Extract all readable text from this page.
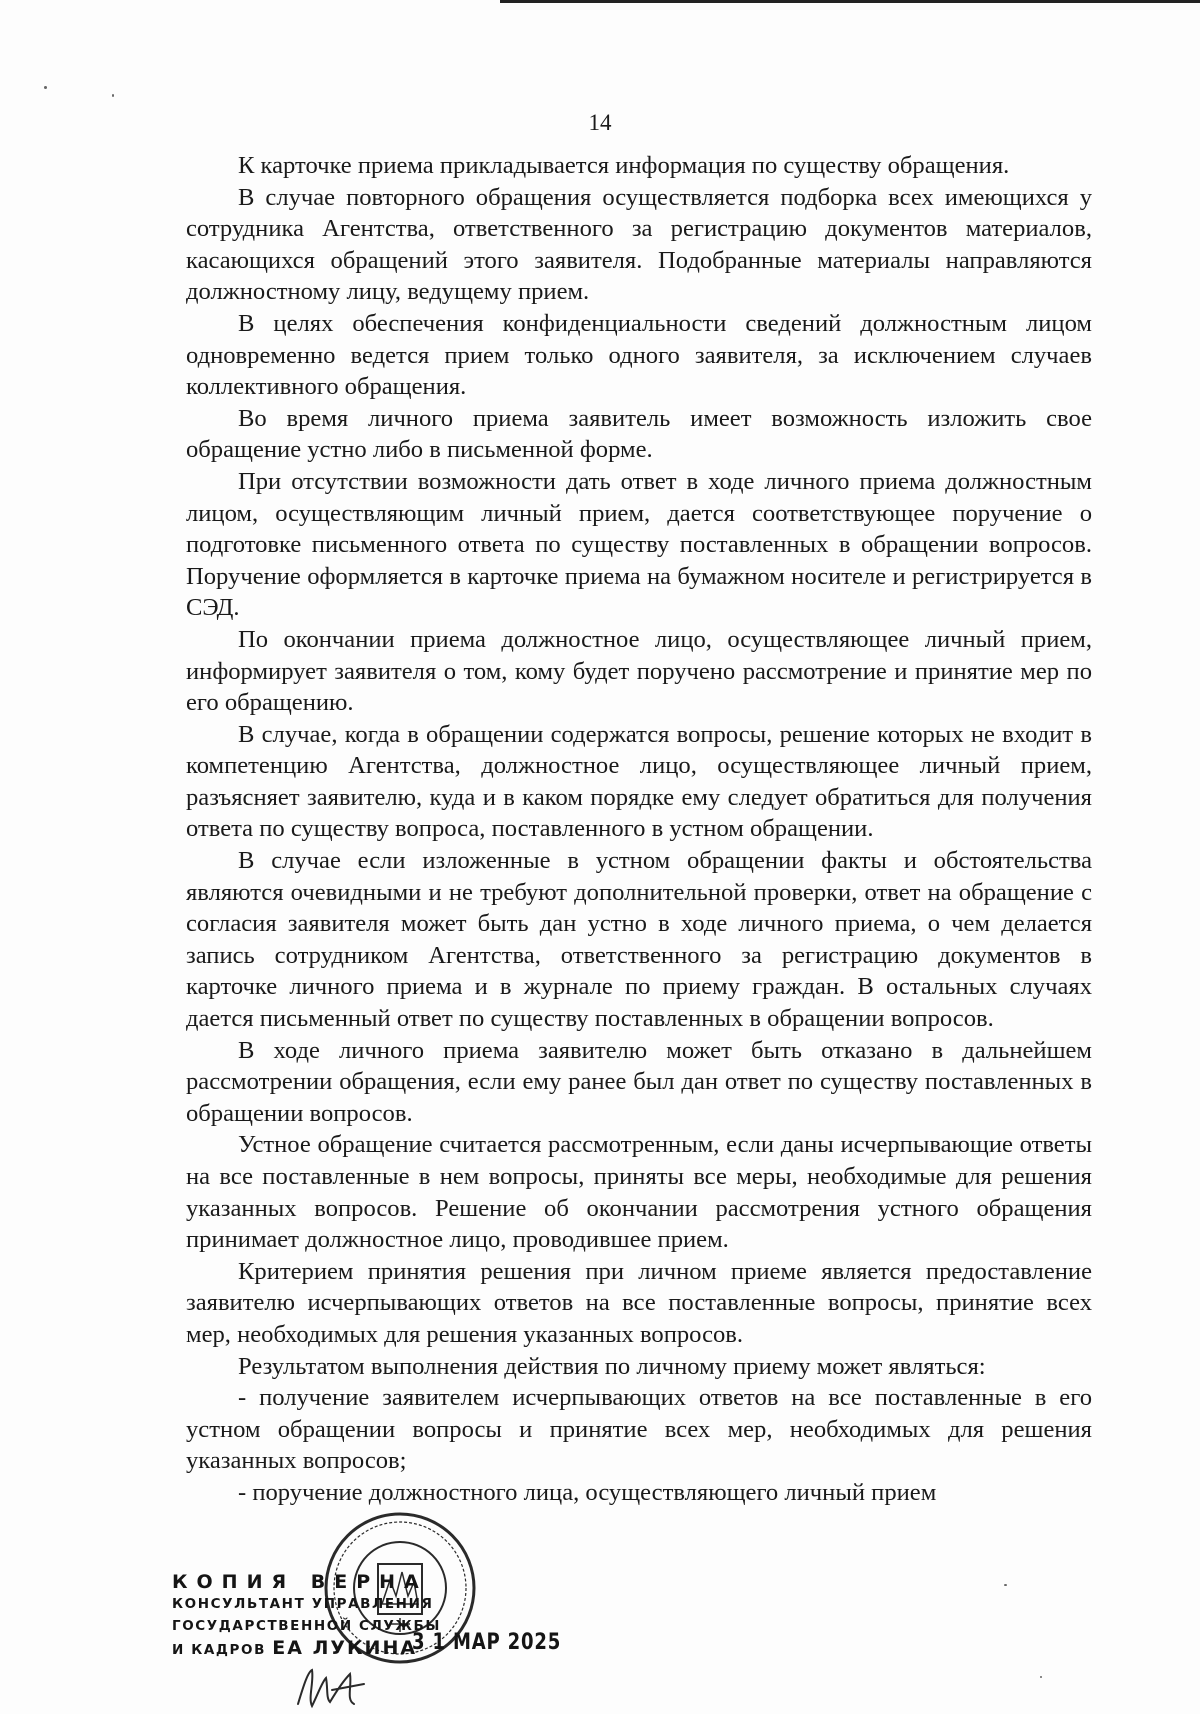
14

К карточке приема прикладывается информация по существу обращения.

В случае повторного обращения осуществляется подборка всех имеющихся у сотрудника Агентства, ответственного за регистрацию документов материалов, касающихся обращений этого заявителя. Подобранные материалы направляются должностному лицу, ведущему прием.

В целях обеспечения конфиденциальности сведений должностным лицом одновременно ведется прием только одного заявителя, за исключением случаев коллективного обращения.

Во время личного приема заявитель имеет возможность изложить свое обращение устно либо в письменной форме.

При отсутствии возможности дать ответ в ходе личного приема должностным лицом, осуществляющим личный прием, дается соответствующее поручение о подготовке письменного ответа по существу поставленных в обращении вопросов. Поручение оформляется в карточке приема на бумажном носителе и регистрируется в СЭД.

По окончании приема должностное лицо, осуществляющее личный прием, информирует заявителя о том, кому будет поручено рассмотрение и принятие мер по его обращению.

В случае, когда в обращении содержатся вопросы, решение которых не входит в компетенцию Агентства, должностное лицо, осуществляющее личный прием, разъясняет заявителю, куда и в каком порядке ему следует обратиться для получения ответа по существу вопроса, поставленного в устном обращении.

В случае если изложенные в устном обращении факты и обстоятельства являются очевидными и не требуют дополнительной проверки, ответ на обращение с согласия заявителя может быть дан устно в ходе личного приема, о чем делается запись сотрудником Агентства, ответственного за регистрацию документов в карточке личного приема и в журнале по приему граждан. В остальных случаях дается письменный ответ по существу поставленных в обращении вопросов.

В ходе личного приема заявителю может быть отказано в дальнейшем рассмотрении обращения, если ему ранее был дан ответ по существу поставленных в обращении вопросов.

Устное обращение считается рассмотренным, если даны исчерпывающие ответы на все поставленные в нем вопросы, приняты все меры, необходимые для решения указанных вопросов. Решение об окончании рассмотрения устного обращения принимает должностное лицо, проводившее прием.

Критерием принятия решения при личном приеме является предоставление заявителю исчерпывающих ответов на все поставленные вопросы, принятие всех мер, необходимых для решения указанных вопросов.

Результатом выполнения действия по личному приему может являться:

- получение заявителем исчерпывающих ответов на все поставленные в его устном обращении вопросы и принятие всех мер, необходимых для решения указанных вопросов;

- поручение должностного лица, осуществляющего личный прием

КОПИЯ ВЕРНА
КОНСУЛЬТАНТ УПРАВЛЕНИЯ
ГОСУДАРСТВЕННОЙ СЛУЖБЫ
И КАДРОВ ЕА ЛУКИНА
3 1 МАР 2025
